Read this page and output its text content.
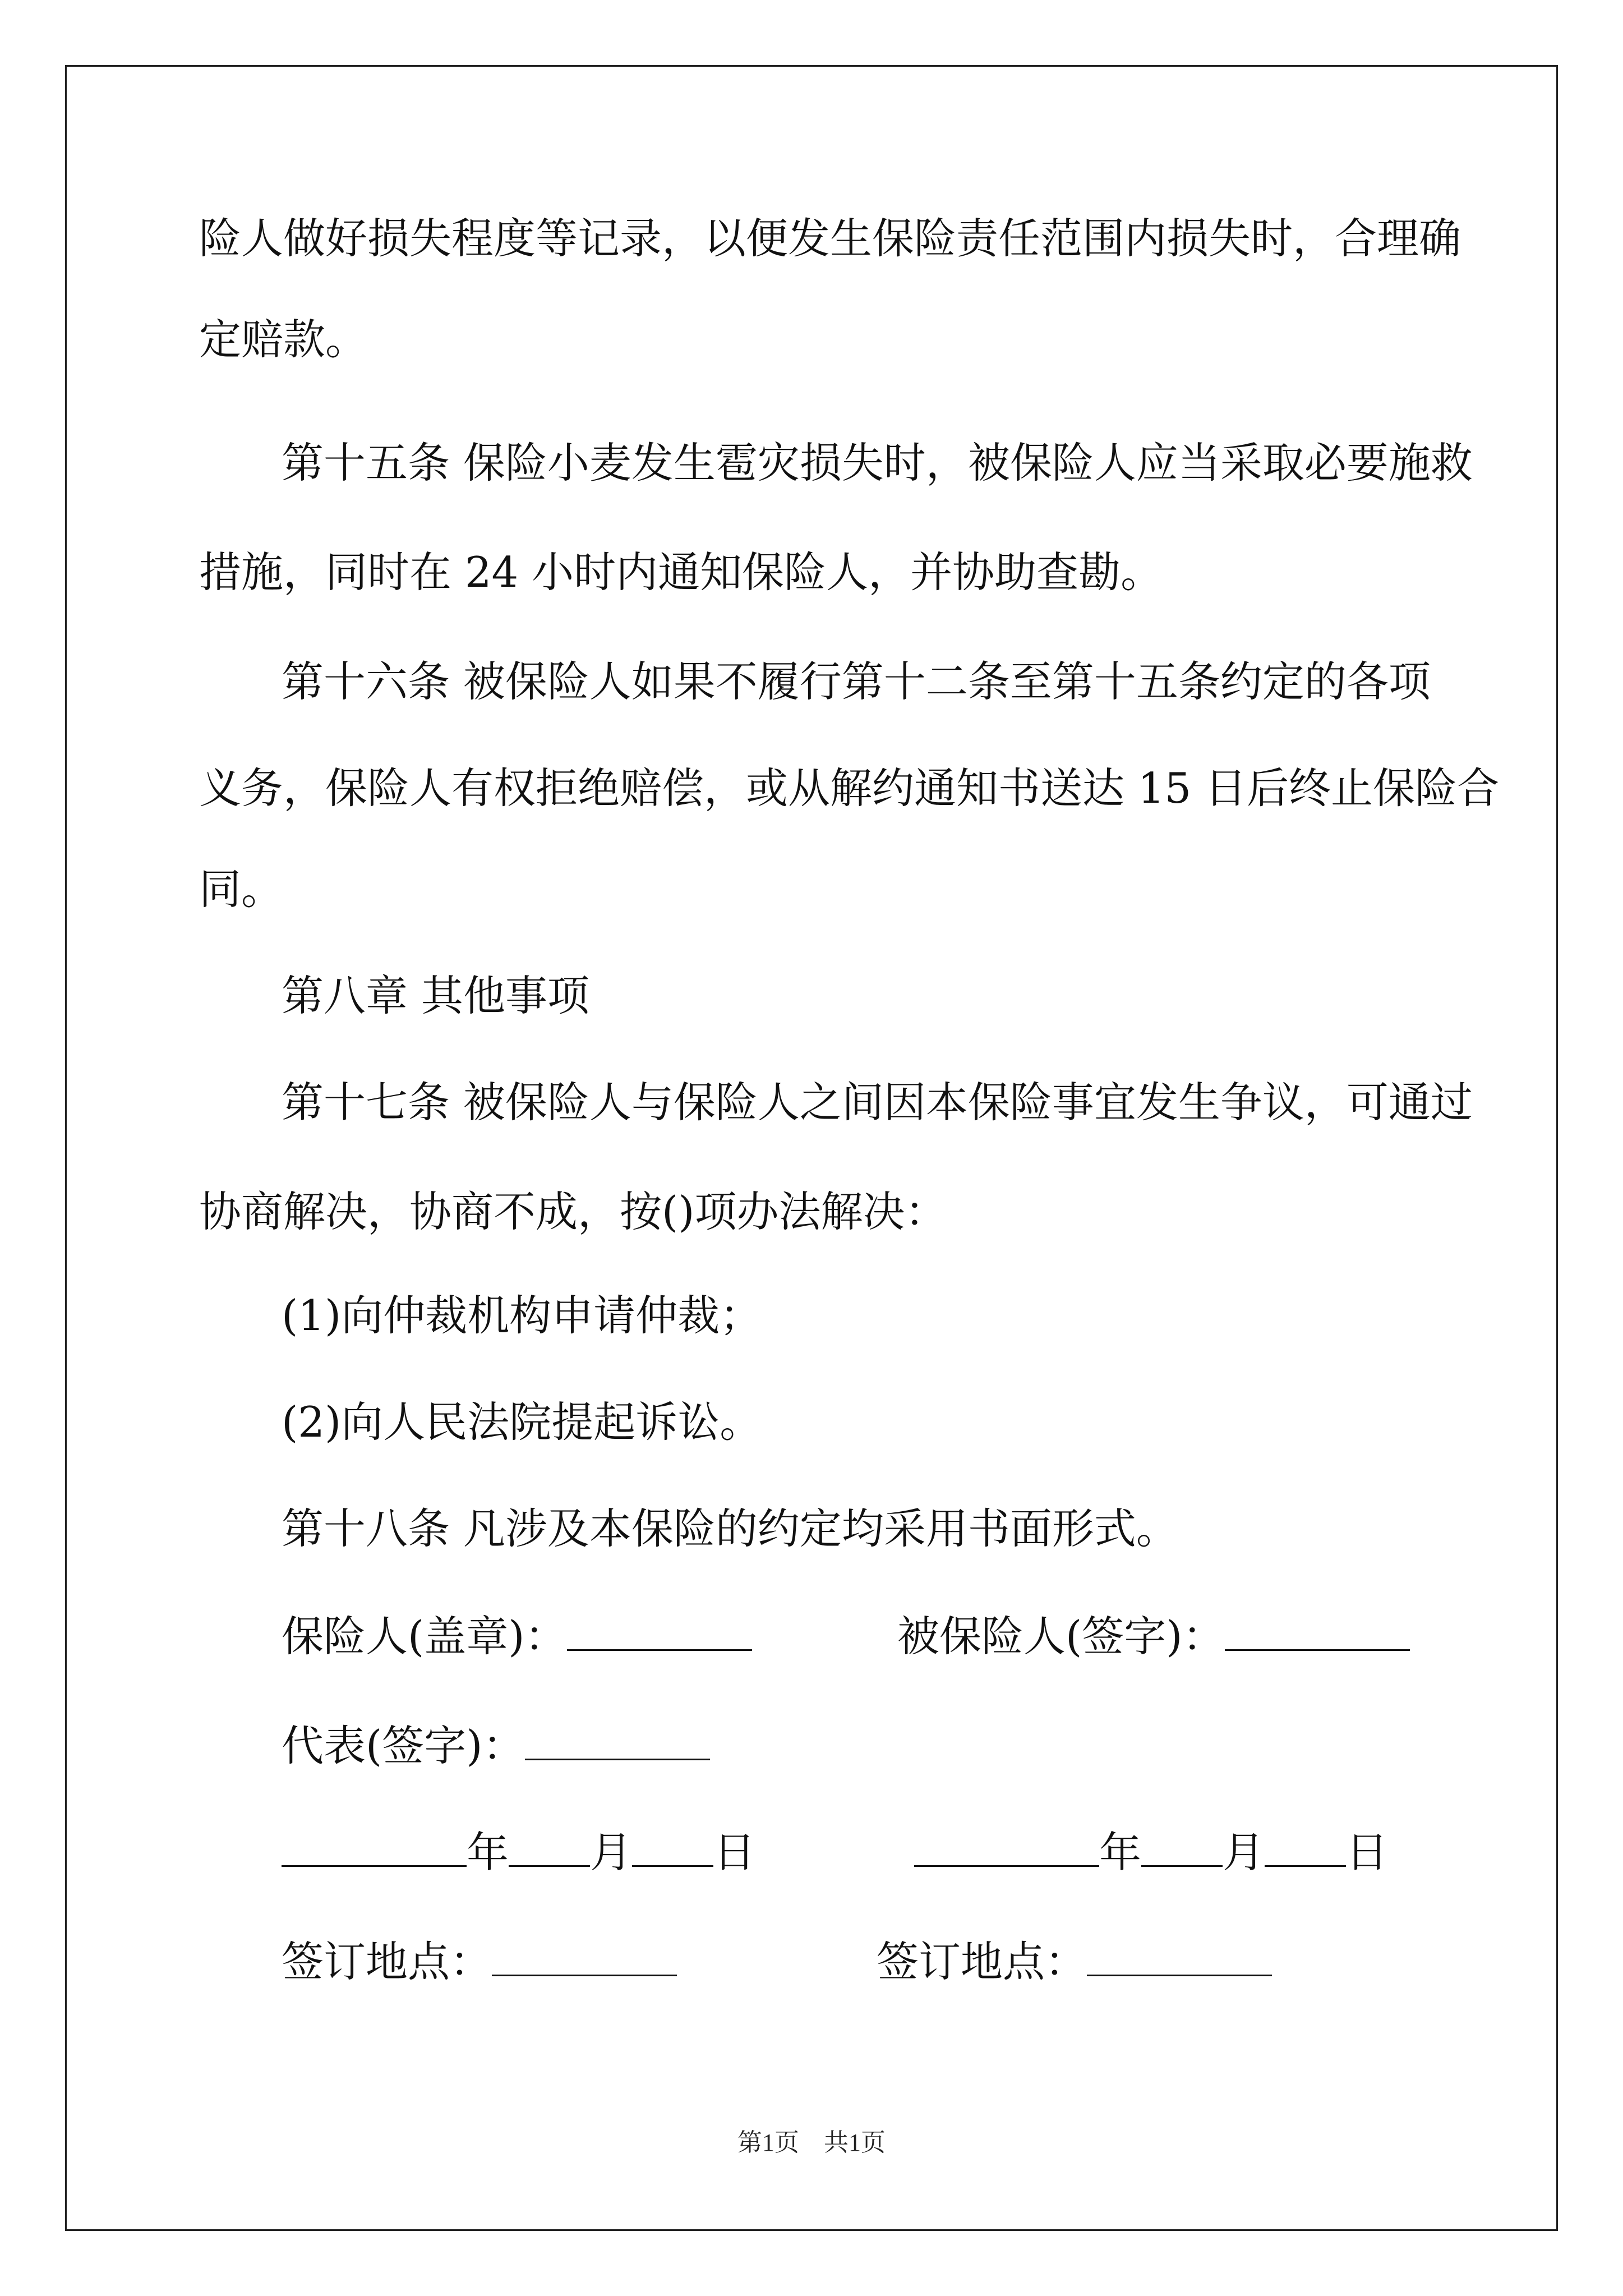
险人做好损失程度等记录，以便发生保险责任范围内损失时，合理确
定赔款。
第十五条 保险小麦发生雹灾损失时，被保险人应当采取必要施救
措施，同时在 24 小时内通知保险人，并协助查勘。
第十六条 被保险人如果不履行第十二条至第十五条约定的各项
义务，保险人有权拒绝赔偿，或从解约通知书送达 15 日后终止保险合
同。
第八章 其他事项
第十七条 被保险人与保险人之间因本保险事宜发生争议，可通过
协商解决，协商不成，按()项办法解决：
(1)向仲裁机构申请仲裁；
(2)向人民法院提起诉讼。
第十八条 凡涉及本保险的约定均采用书面形式。
保险人(盖章)：	被保险人(签字)：
代表(签字)：
年 月 日	年 月 日
签订地点：	签订地点：
第1页　共1页
